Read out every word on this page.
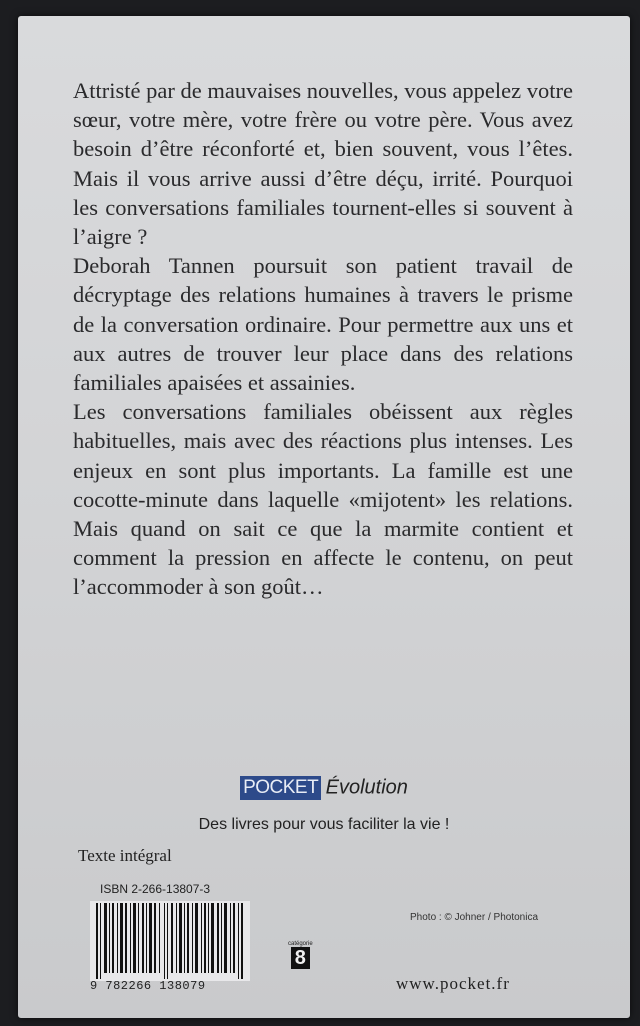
Attristé par de mauvaises nouvelles, vous appelez votre sœur, votre mère, votre frère ou votre père. Vous avez besoin d’être réconforté et, bien souvent, vous l’êtes. Mais il vous arrive aussi d’être déçu, irrité. Pourquoi les conversations familiales tournent-elles si souvent à l’aigre ?

Deborah Tannen poursuit son patient travail de décryptage des relations humaines à travers le prisme de la conversation ordinaire. Pour permettre aux uns et aux autres de trouver leur place dans des relations familiales apaisées et assainies.

Les conversations familiales obéissent aux règles habituelles, mais avec des réactions plus intenses. Les enjeux en sont plus importants. La famille est une cocotte-minute dans laquelle «mijotent» les relations. Mais quand on sait ce que la marmite contient et comment la pression en affecte le contenu, on peut l’accommoder à son goût…

POCKET Évolution
Des livres pour vous faciliter la vie !
Texte intégral
ISBN 2-266-13807-3
9 782266 138079
catégorie
8
Photo : © Johner / Photonica
www.pocket.fr
